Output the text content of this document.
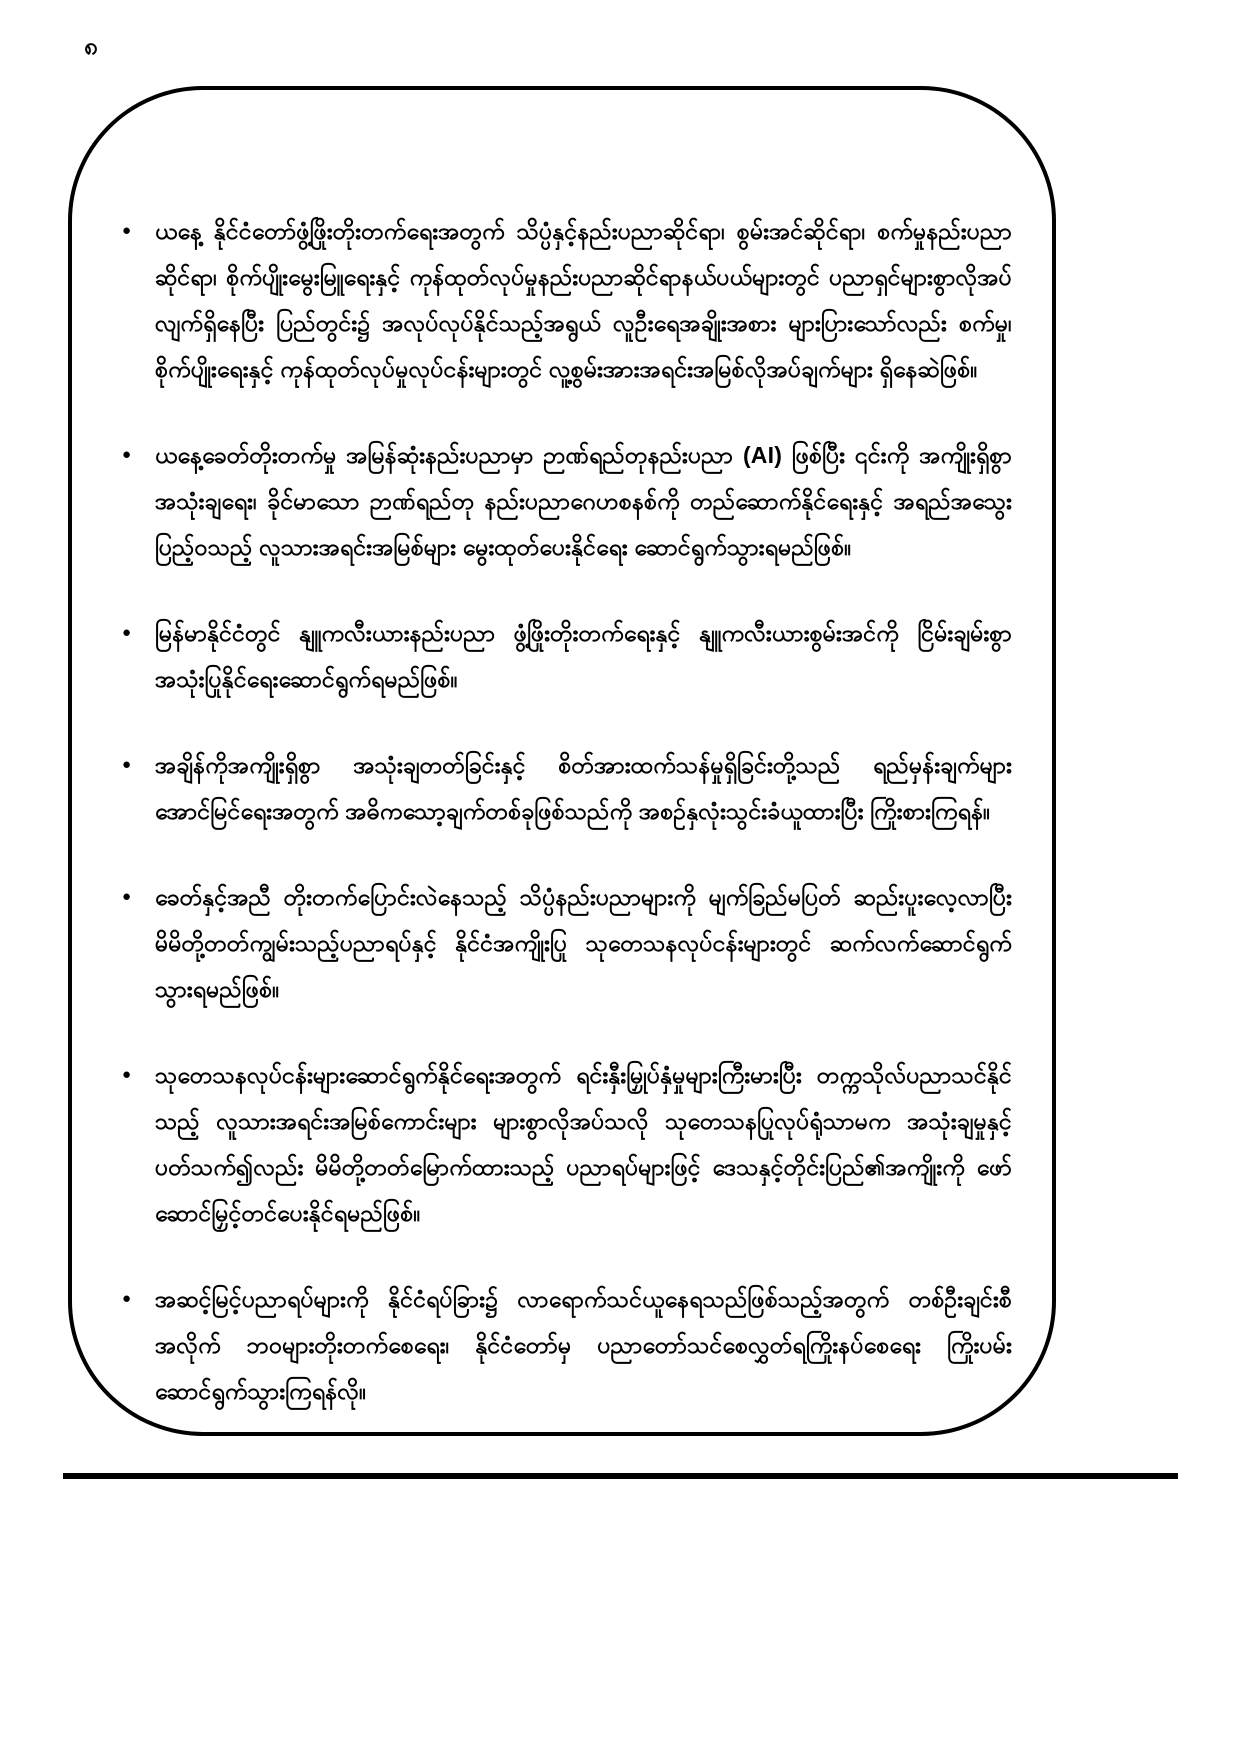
၈
●	ယနေ့ နိုင်ငံတော်ဖွံ့ဖြိုးတိုးတက်ရေးအတွက် သိပ္ပံနှင့်နည်းပညာဆိုင်ရာ၊ စွမ်းအင်ဆိုင်ရာ၊ စက်မှုနည်းပညာဆိုင်ရာ၊ စိုက်ပျိုးမွေးမြူရေးနှင့် ကုန်ထုတ်လုပ်မှုနည်းပညာဆိုင်ရာနယ်ပယ်များတွင် ပညာရှင်များစွာလိုအပ်လျက်ရှိနေပြီး ပြည်တွင်း၌ အလုပ်လုပ်နိုင်သည့်အရွယ် လူဦးရေအချိုးအစား များပြားသော်လည်း စက်မှု၊ စိုက်ပျိုးရေးနှင့် ကုန်ထုတ်လုပ်မှုလုပ်ငန်းများတွင် လူ့စွမ်းအားအရင်းအမြစ်လိုအပ်ချက်များ ရှိနေဆဲဖြစ်။

●	ယနေ့ခေတ်တိုးတက်မှု အမြန်ဆုံးနည်းပညာမှာ ဉာဏ်ရည်တုနည်းပညာ (AI) ဖြစ်ပြီး ၎င်းကို အကျိုးရှိစွာ အသုံးချရေး၊ ခိုင်မာသော ဉာဏ်ရည်တု နည်းပညာဂေဟစနစ်ကို တည်ဆောက်နိုင်ရေးနှင့် အရည်အသွေးပြည့်ဝသည့် လူသားအရင်းအမြစ်များ မွေးထုတ်ပေးနိုင်ရေး ဆောင်ရွက်သွားရမည်ဖြစ်။

●	မြန်မာနိုင်ငံတွင် နျူကလီးယားနည်းပညာ ဖွံ့ဖြိုးတိုးတက်ရေးနှင့် နျူကလီးယားစွမ်းအင်ကို ငြိမ်းချမ်းစွာ အသုံးပြုနိုင်ရေးဆောင်ရွက်ရမည်ဖြစ်။

●	အချိန်ကိုအကျိုးရှိစွာ အသုံးချတတ်ခြင်းနှင့် စိတ်အားထက်သန်မှုရှိခြင်းတို့သည် ရည်မှန်းချက်များ အောင်မြင်ရေးအတွက် အဓိကသော့ချက်တစ်ခုဖြစ်သည်ကို အစဉ်နှလုံးသွင်းခံယူထားပြီး ကြိုးစားကြရန်။

●	ခေတ်နှင့်အညီ တိုးတက်ပြောင်းလဲနေသည့် သိပ္ပံနည်းပညာများကို မျက်ခြည်မပြတ် ဆည်းပူးလေ့လာပြီး မိမိတို့တတ်ကျွမ်းသည့်ပညာရပ်နှင့် နိုင်ငံအကျိုးပြု သုတေသနလုပ်ငန်းများတွင် ဆက်လက်ဆောင်ရွက်သွားရမည်ဖြစ်။

●	သုတေသနလုပ်ငန်းများဆောင်ရွက်နိုင်ရေးအတွက် ရင်းနှီးမြှုပ်နှံမှုများကြီးမားပြီး တက္ကသိုလ်ပညာသင်နိုင်သည့် လူသားအရင်းအမြစ်ကောင်းများ များစွာလိုအပ်သလို သုတေသနပြုလုပ်ရုံသာမက အသုံးချမှုနှင့်ပတ်သက်၍လည်း မိမိတို့တတ်မြောက်ထားသည့် ပညာရပ်များဖြင့် ဒေသနှင့်တိုင်းပြည်၏အကျိုးကို ဖော်ဆောင်မြှင့်တင်ပေးနိုင်ရမည်ဖြစ်။

●	အဆင့်မြင့်ပညာရပ်များကို နိုင်ငံရပ်ခြား၌ လာရောက်သင်ယူနေရသည်ဖြစ်သည့်အတွက် တစ်ဦးချင်းစီအလိုက် ဘဝများတိုးတက်စေရေး၊ နိုင်ငံတော်မှ ပညာတော်သင်စေလွှတ်ရကြိုးနပ်စေရေး ကြိုးပမ်းဆောင်ရွက်သွားကြရန်လို။
